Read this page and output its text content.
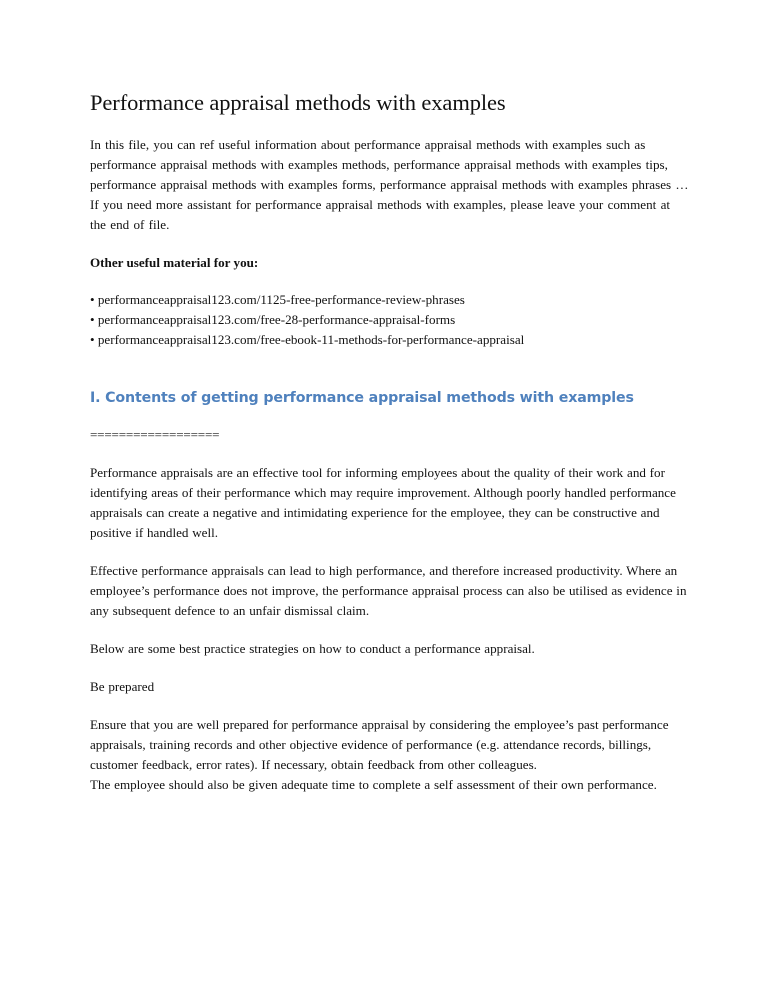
Performance appraisal methods with examples

In this file, you can ref useful information about performance appraisal methods with examples such as performance appraisal methods with examples methods, performance appraisal methods with examples tips, performance appraisal methods with examples forms, performance appraisal methods with examples phrases … If you need more assistant for performance appraisal methods with examples, please leave your comment at the end of file.

Other useful material for you:

• performanceappraisal123.com/1125-free-performance-review-phrases
• performanceappraisal123.com/free-28-performance-appraisal-forms
• performanceappraisal123.com/free-ebook-11-methods-for-performance-appraisal
I. Contents of getting performance appraisal methods with examples

==================

Performance appraisals are an effective tool for informing employees about the quality of their work and for identifying areas of their performance which may require improvement. Although poorly handled performance appraisals can create a negative and intimidating experience for the employee, they can be constructive and positive if handled well.

Effective performance appraisals can lead to high performance, and therefore increased productivity. Where an employee’s performance does not improve, the performance appraisal process can also be utilised as evidence in any subsequent defence to an unfair dismissal claim.

Below are some best practice strategies on how to conduct a performance appraisal.

Be prepared

Ensure that you are well prepared for performance appraisal by considering the employee’s past performance appraisals, training records and other objective evidence of performance (e.g. attendance records, billings, customer feedback, error rates). If necessary, obtain feedback from other colleagues.

The employee should also be given adequate time to complete a self assessment of their own performance.
